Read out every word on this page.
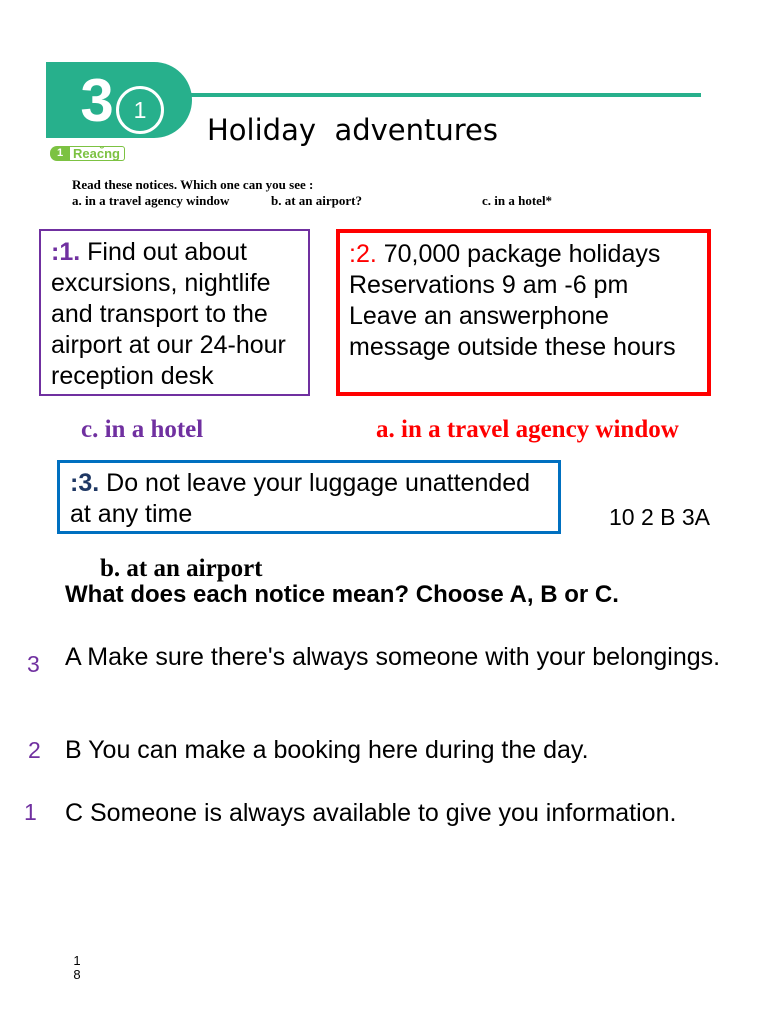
3 1
1 Reac̆ng
Holiday  adventures
Read these notices. Which one can you see :
a. in a travel agency window	b. at an airport?	c. in a hotel*
:1. Find out about excursions, nightlife and transport to the airport at our 24-hour reception desk
:2. 70,000 package holidays Reservations 9 am -6 pm Leave an answerphone message outside these hours
c. in a hotel	a. in a travel agency window
:3. Do not leave your luggage unattended at any time	10 2 B 3A
b. at an airport
What does each notice mean? Choose A, B or C.
3 A Make sure there's always someone with your belongings.
2 B You can make a booking here during the day.
1 C Someone is always available to give you information.
18
